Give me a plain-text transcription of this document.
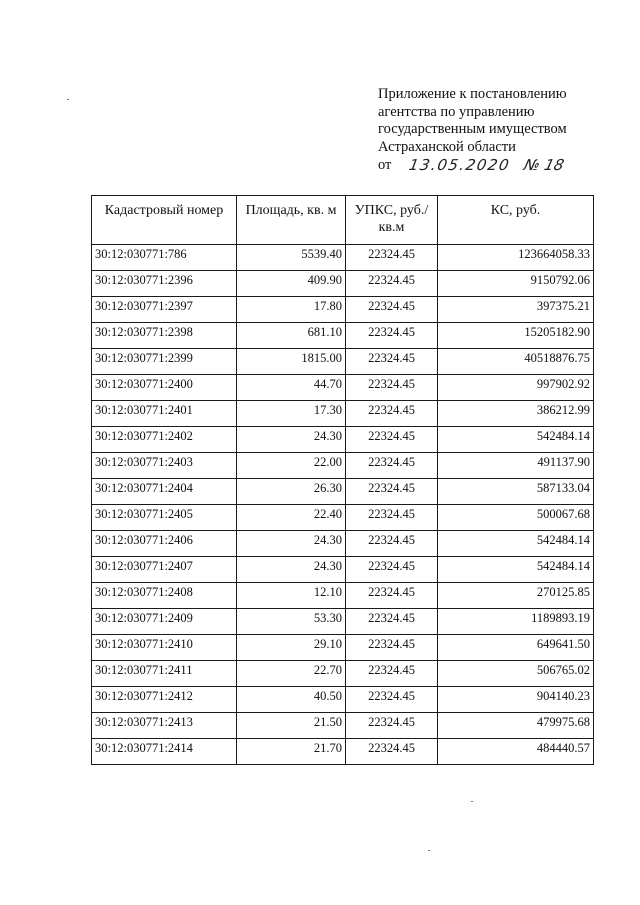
Приложение к постановлению
агентства по управлению
государственным имуществом
Астраханской области
от 13.05.2020 № 18
Кадастровый номер	Площадь, кв. м	УПКС, руб./кв.м	КС, руб.
30:12:030771:786	5539.40	22324.45	123664058.33
30:12:030771:2396	409.90	22324.45	9150792.06
30:12:030771:2397	17.80	22324.45	397375.21
30:12:030771:2398	681.10	22324.45	15205182.90
30:12:030771:2399	1815.00	22324.45	40518876.75
30:12:030771:2400	44.70	22324.45	997902.92
30:12:030771:2401	17.30	22324.45	386212.99
30:12:030771:2402	24.30	22324.45	542484.14
30:12:030771:2403	22.00	22324.45	491137.90
30:12:030771:2404	26.30	22324.45	587133.04
30:12:030771:2405	22.40	22324.45	500067.68
30:12:030771:2406	24.30	22324.45	542484.14
30:12:030771:2407	24.30	22324.45	542484.14
30:12:030771:2408	12.10	22324.45	270125.85
30:12:030771:2409	53.30	22324.45	1189893.19
30:12:030771:2410	29.10	22324.45	649641.50
30:12:030771:2411	22.70	22324.45	506765.02
30:12:030771:2412	40.50	22324.45	904140.23
30:12:030771:2413	21.50	22324.45	479975.68
30:12:030771:2414	21.70	22324.45	484440.57
